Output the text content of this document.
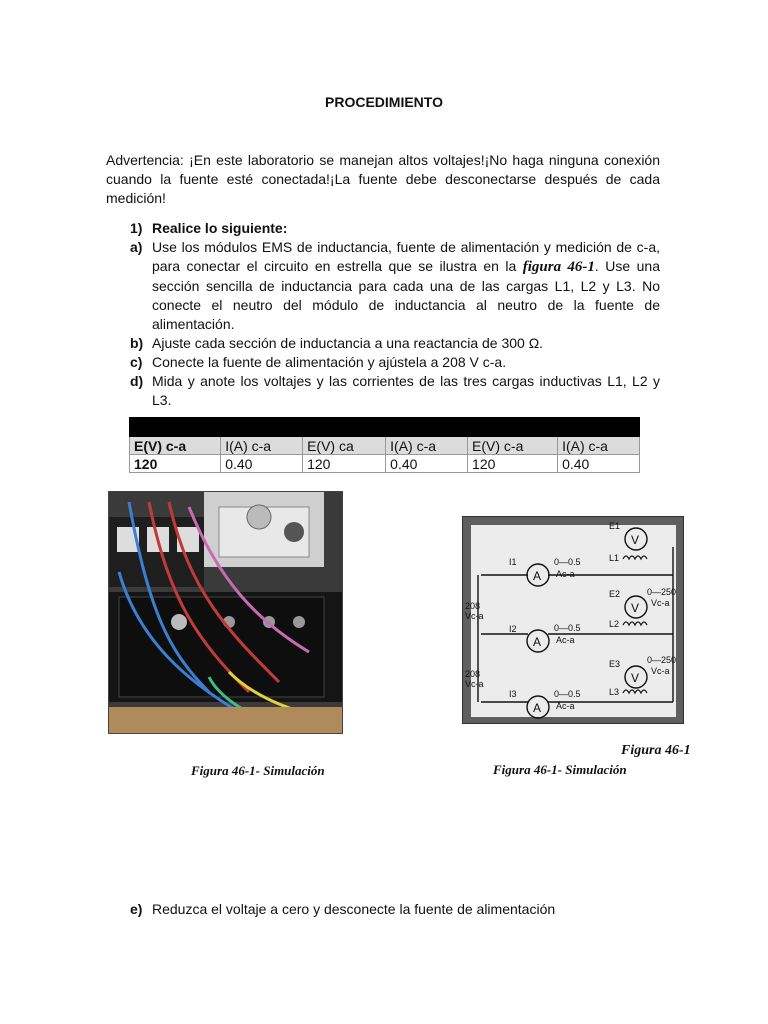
PROCEDIMIENTO
Advertencia: ¡En este laboratorio se manejan altos voltajes!¡No haga ninguna conexión cuando la fuente esté conectada!¡La fuente debe desconectarse después de cada medición!
1) Realice lo siguiente:
a) Use los módulos EMS de inductancia, fuente de alimentación y medición de c-a, para conectar el circuito en estrella que se ilustra en la figura 46-1. Use una sección sencilla de inductancia para cada una de las cargas L1, L2 y L3. No conecte el neutro del módulo de inductancia al neutro de la fuente de alimentación.
b) Ajuste cada sección de inductancia a una reactancia de 300 Ω.
c) Conecte la fuente de alimentación y ajústela a 208 V c-a.
d) Mida y anote los voltajes y las corrientes de las tres cargas inductivas L1, L2 y L3.

E(V) c-a	I(A) c-a	E(V) ca	I(A) c-a	E(V) c-a	I(A) c-a
120	0.40	120	0.40	120	0.40
A
A
A
V
V
V
I1
I2
I3
0—0.5
Ac-a
0—0.5
Ac-a
0—0.5
Ac-a
E1
E2
E3
0—250
Vc-a
0—250
Vc-a
L1
L2
L3
208
Vc-a
208
Vc-a
Figura 46-1
Figura 46-1- Simulación	Figura 46-1- Simulación
e) Reduzca el voltaje a cero y desconecte la fuente de alimentación
